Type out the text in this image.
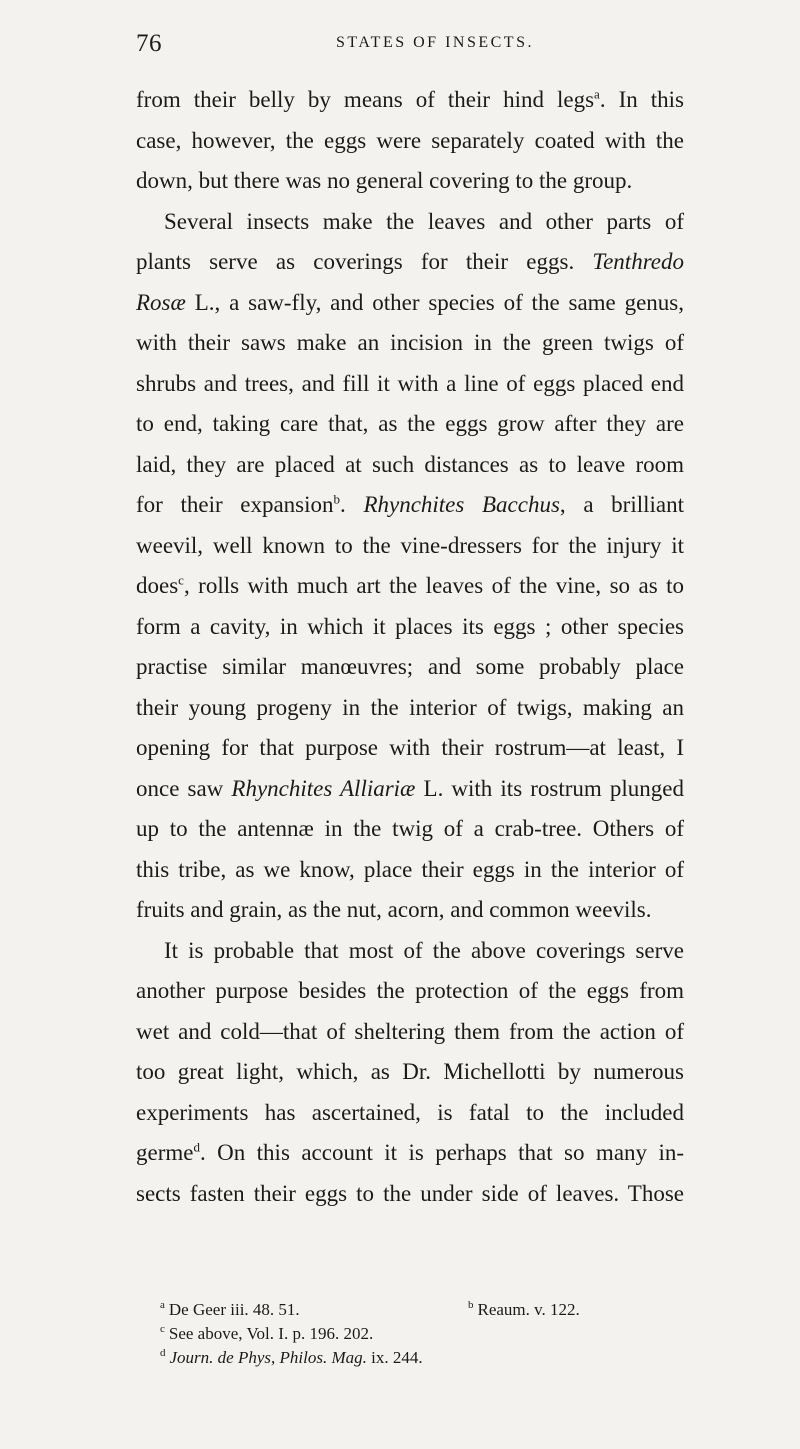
76	STATES OF INSECTS.
from their belly by means of their hind legs$^a$. In this
case, however, the eggs were separately coated with the
down, but there was no general covering to the group.
Several insects make the leaves and other parts of
plants serve as coverings for their eggs. Tenthredo
Rosæ L., a saw-fly, and other species of the same genus,
with their saws make an incision in the green twigs of
shrubs and trees, and fill it with a line of eggs placed end
to end, taking care that, as the eggs grow after they are
laid, they are placed at such distances as to leave room
for their expansion$^b$. Rhynchites Bacchus, a brilliant
weevil, well known to the vine-dressers for the injury it
does$^c$, rolls with much art the leaves of the vine, so as to
form a cavity, in which it places its eggs ; other species
practise similar manœuvres; and some probably place
their young progeny in the interior of twigs, making an
opening for that purpose with their rostrum—at least, I
once saw Rhynchites Alliariæ L. with its rostrum plunged
up to the antennæ in the twig of a crab-tree. Others of
this tribe, as we know, place their eggs in the interior of
fruits and grain, as the nut, acorn, and common weevils.
It is probable that most of the above coverings serve
another purpose besides the protection of the eggs from
wet and cold—that of sheltering them from the action of
too great light, which, as Dr. Michellotti by numerous
experiments has ascertained, is fatal to the included
germe$^d$. On this account it is perhaps that so many in-
sects fasten their eggs to the under side of leaves. Those
$^a$ De Geer iii. 48. 51.	$^b$ Reaum. v. 122.
$^c$ See above, Vol. I. p. 196. 202.
$^d$ Journ. de Phys, Philos. Mag. ix. 244.
